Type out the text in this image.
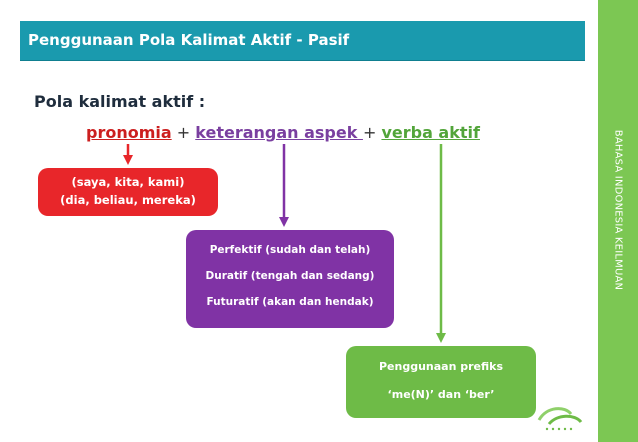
Penggunaan Pola Kalimat Aktif - Pasif
BAHASA INDONESIA KEILMUAN
Pola kalimat aktif :
pronomia + keterangan aspek + verba aktif
(saya, kita, kami)
(dia, beliau, mereka)
Perfektif (sudah dan telah)
Duratif (tengah dan sedang)
Futuratif (akan dan hendak)
Penggunaan prefiks
‘me(N)’ dan ‘ber’
